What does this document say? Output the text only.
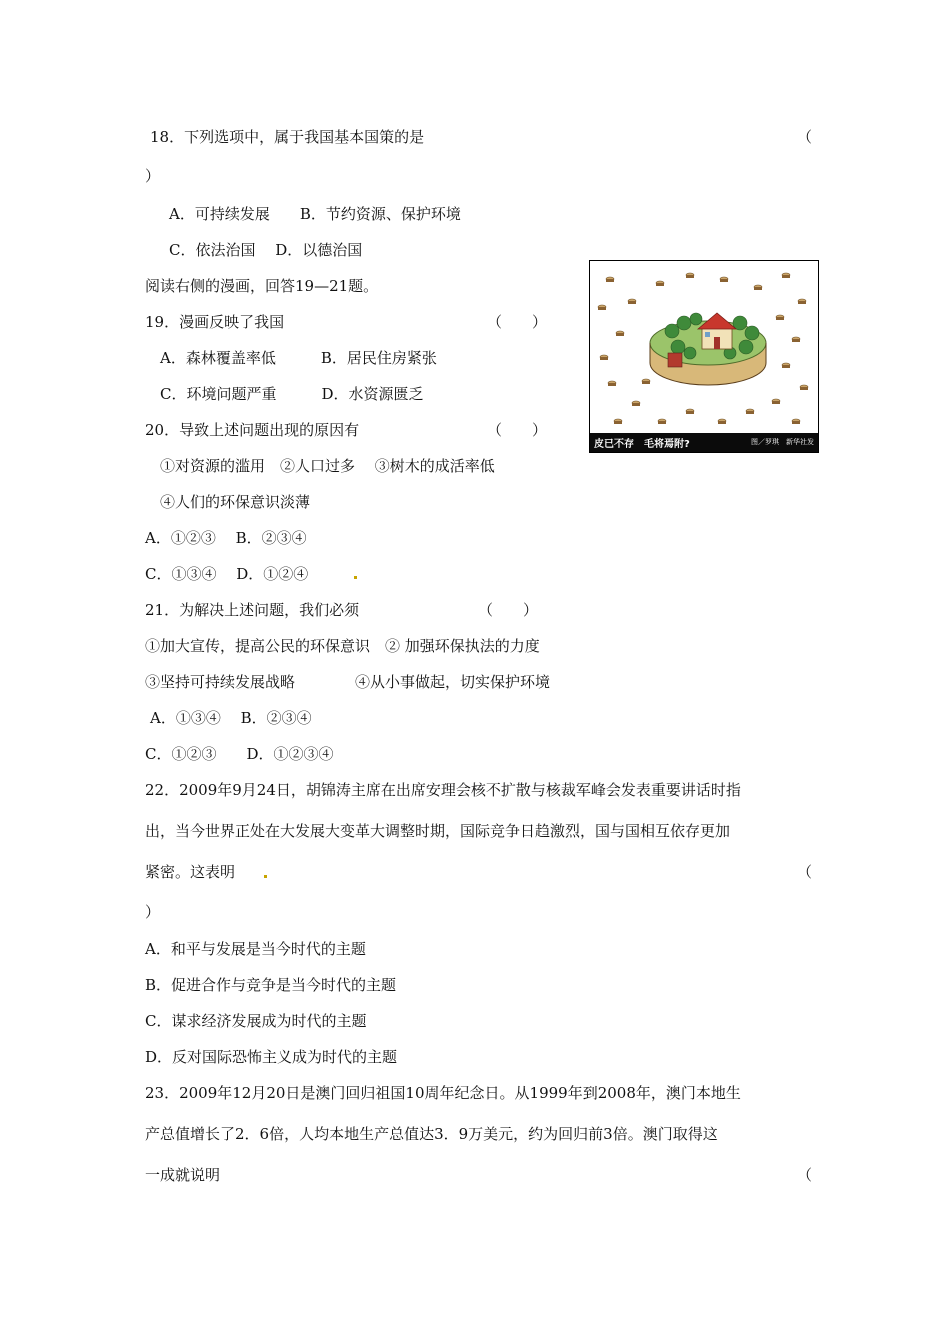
18．下列选项中，属于我国基本国策的是	（
）
A．可持续发展　　B．节约资源、保护环境
C．依法治国　 D．以德治国
阅读右侧的漫画，回答19—21题。
19．漫画反映了我国	（　　）
A．森林覆盖率低　　　B．居民住房紧张
C．环境问题严重　　　D．水资源匮乏
20．导致上述问题出现的原因有	（　　）
①对资源的滥用　②人口过多　 ③树木的成活率低
④人们的环保意识淡薄
A．①②③　 B．②③④
C．①③④　 D．①②④
21．为解决上述问题，我们必须	（　　）
①加大宣传，提高公民的环保意识　② 加强环保执法的力度
③坚持可持续发展战略　　　　④从小事做起，切实保护环境
A．①③④　 B．②③④
C．①②③　　D．①②③④
22．2009年9月24日，胡锦涛主席在出席安理会核不扩散与核裁军峰会发表重要讲话时指
出，当今世界正处在大发展大变革大调整时期，国际竞争日趋激烈，国与国相互依存更加
紧密。这表明	（
）
A．和平与发展是当今时代的主题
B．促进合作与竞争是当今时代的主题
C．谋求经济发展成为时代的主题
D．反对国际恐怖主义成为时代的主题
23．2009年12月20日是澳门回归祖国10周年纪念日。从1999年到2008年，澳门本地生
产总值增长了2．6倍，人均本地生产总值达3．9万美元，约为回归前3倍。澳门取得这
一成就说明	（
皮已不存　毛将焉附?	图／罗琪　新华社发
